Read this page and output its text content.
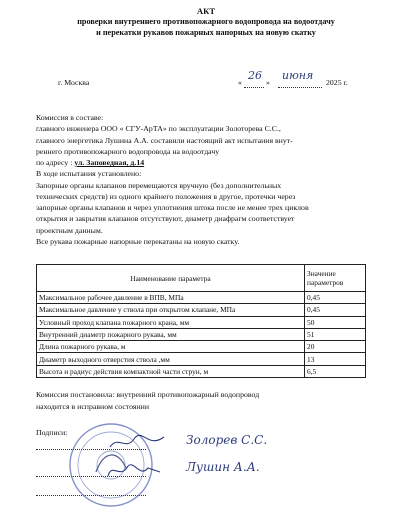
АКТ
проверки внутреннего противопожарного водопровода на водоотдачу
и перекатки рукавов пожарных напорных на новую скатку
г. Москва	«
26
»
июня
2025 г.
Комиссия в составе:
главного инженера ООО « СГУ-АрТА» по эксплуатации Золоторева С.С.,
главного энергетика Лушина А.А. составили настоящий акт испытания внут-
реннего противопожарного водопровода на водоотдачу
по адресу : ул. Заповедная, д.14
В ходе испытания установлено:
Запорные органы клапанов перемещаются вручную (без дополнительных
технических средств) из одного крайнего положения в другое, протечки через
запорные органы клапанов и через уплотнения штока после не менее трех циклов
открытия и закрытия клапанов отсутствуют, диаметр диафрагм соответствует
проектным данным.
Все рукава пожарные напорные перекатаны на новую скатку.
Наименование параметра	Значение параметров
Максимальное рабочее давление в ВПВ, МПа	0,45
Максимальное давление у ствола при открытом клапане, МПа	0,45
Условный проход клапана пожарного крана, мм	50
Внутренний диаметр пожарного рукава, мм	51
Длина пожарного рукава, м	20
Диаметр выходного отверстия ствола ,мм	13
Высота и радиус действия компактной части струн, м	6,5
Комиссия постановила: внутренний противопожарный водопровод
находится в исправном состоянии
Подписи:
Золорев С.С.
Лушин А.А.
